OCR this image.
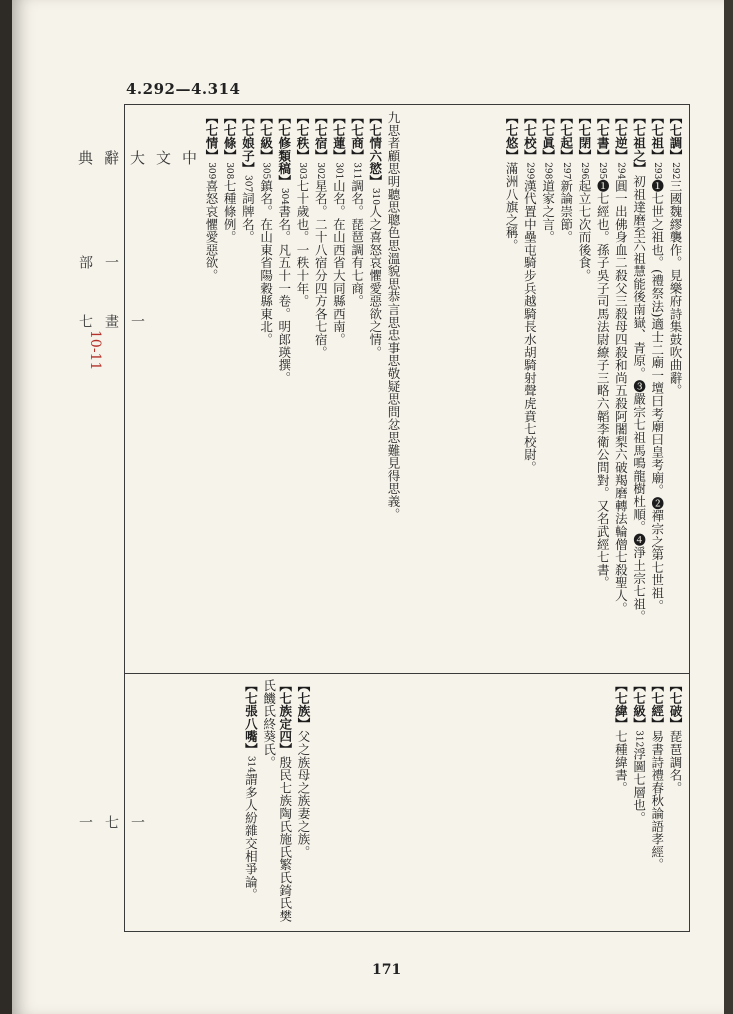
4.292—4.314
中文大辭典
一部
一畫 七
一七一
10-11
【七調】292三國魏繆襲作。見樂府詩集鼓吹曲辭。
【七祖】293❶七世之祖也。(禮祭法)適士二廟一壇曰考廟曰皇考廟。❷禪宗之第七世祖。
【七祖之】初祖達磨至六祖慧能後南嶽、青原。❸嚴宗七祖馬鳴龍樹杜順。❹淨土宗七祖。
【七逆】294圓一出佛身血二殺父三殺母四殺和尚五殺阿闍梨六破羯磨轉法輪僧七殺聖人。
【七書】295❶七經也。孫子吳子司馬法尉繚子三略六韜李衛公問對。又名武經七書。
【七閉】296起立七次而後食。
【七起】297新論崇節。
【七眞】298道家之言。
【七校】299漢代置中壘屯騎步兵越騎長水胡騎射聲虎賁七校尉。
【七悠】滿洲八旗之稱。
九思者顧思明聽思聰色思溫貌思恭言思忠事思敬疑思問忿思難見得思義。
【七情六慾】310人之喜怒哀懼愛惡欲之情。
【七商】311調名。琵琶調有七商。
【七蓮】301山名。在山西省大同縣西南。
【七宿】302星名。二十八宿分四方各七宿。
【七秩】303七十歲也。一秩十年。
【七修類稿】304書名。凡五十一卷。明郎瑛撰。
【七級】305鎮名。在山東省陽穀縣東北。
【七娘子】307詞牌名。
【七條】308七種條例。
【七情】309喜怒哀懼愛惡欲。
【七破】琵琶調名。
【七經】易書詩禮春秋論語孝經。
【七級】312浮圖七層也。
【七緯】七種緯書。
【七族】父之族母之族妻之族。
【七族定四】殷民七族陶氏施氏繁氏錡氏樊氏饑氏終葵氏。
【七張八嘴】314謂多人紛雜交相爭論。
171
